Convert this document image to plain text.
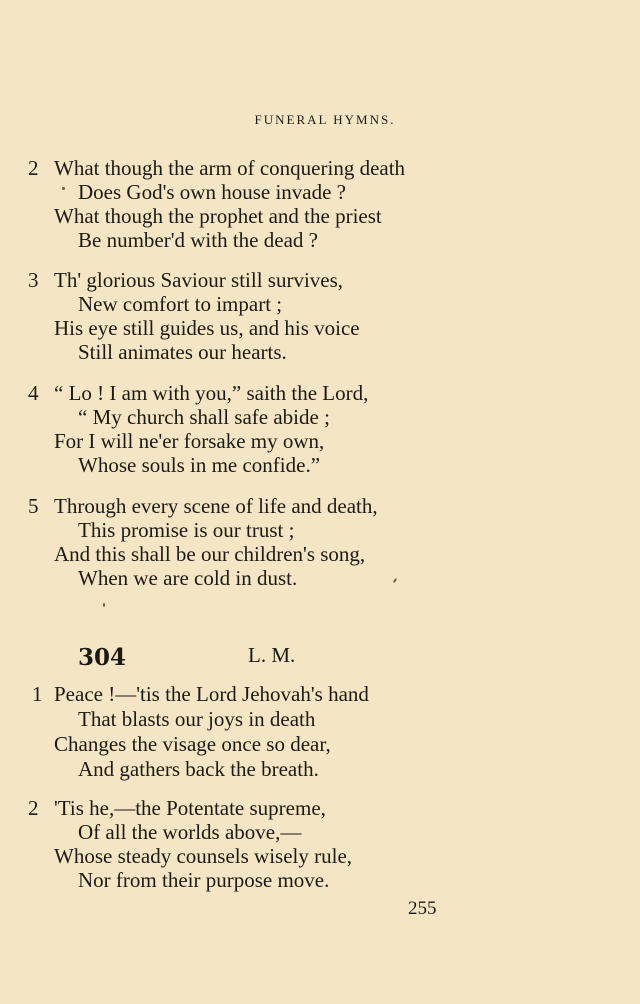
FUNERAL HYMNS.
2 What though the arm of conquering death
Does God's own house invade ?
What though the prophet and the priest
Be number'd with the dead ?
3 Th' glorious Saviour still survives,
New comfort to impart ;
His eye still guides us, and his voice
Still animates our hearts.
4 “ Lo ! I am with you,” saith the Lord,
“ My church shall safe abide ;
For I will ne'er forsake my own,
Whose souls in me confide.”
5 Through every scene of life and death,
This promise is our trust ;
And this shall be our children's song,
When we are cold in dust.
304	L. M.
1 Peace !—'tis the Lord Jehovah's hand
That blasts our joys in death
Changes the visage once so dear,
And gathers back the breath.
2 'Tis he,—the Potentate supreme,
Of all the worlds above,—
Whose steady counsels wisely rule,
Nor from their purpose move.
255
